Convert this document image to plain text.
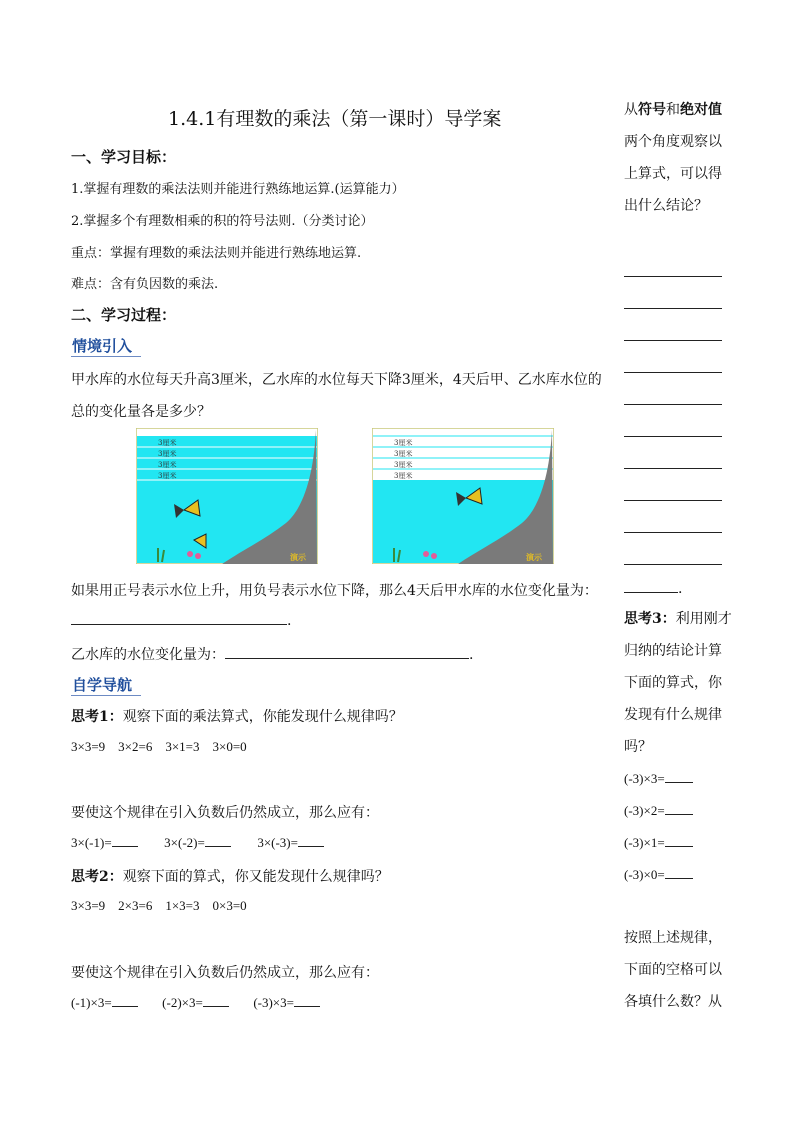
1.4.1有理数的乘法（第一课时）导学案
一、学习目标：
1.掌握有理数的乘法法则并能进行熟练地运算.(运算能力）
2.掌握多个有理数相乘的积的符号法则.（分类讨论）
重点：掌握有理数的乘法法则并能进行熟练地运算.
难点：含有负因数的乘法.
二、学习过程：
情境引入
甲水库的水位每天升高3厘米，乙水库的水位每天下降3厘米，4天后甲、乙水库水位的
总的变化量各是多少？
3厘米
3厘米
3厘米
3厘米
演示
3厘米
3厘米
3厘米
3厘米
演示
如果用正号表示水位上升，用负号表示水位下降，那么4天后甲水库的水位变化量为：
.
乙水库的水位变化量为：	.
自学导航
思考1：观察下面的乘法算式，你能发现什么规律吗？
3×3=9    3×2=6    3×1=3    3×0=0
要使这个规律在引入负数后仍然成立，那么应有：
3×(-1)=	3×(-2)=	3×(-3)=
思考2：观察下面的算式，你又能发现什么规律吗？
3×3=9    2×3=6    1×3=3    0×3=0
要使这个规律在引入负数后仍然成立，那么应有：
(-1)×3=	(-2)×3=	(-3)×3=
从符号和绝对值两个角度观察以上算式，可以得出什么结论？
.
思考3：利用刚才归纳的结论计算下面的算式，你发现有什么规律吗？
(-3)×3=
(-3)×2=
(-3)×1=
(-3)×0=
按照上述规律，下面的空格可以各填什么数？从
